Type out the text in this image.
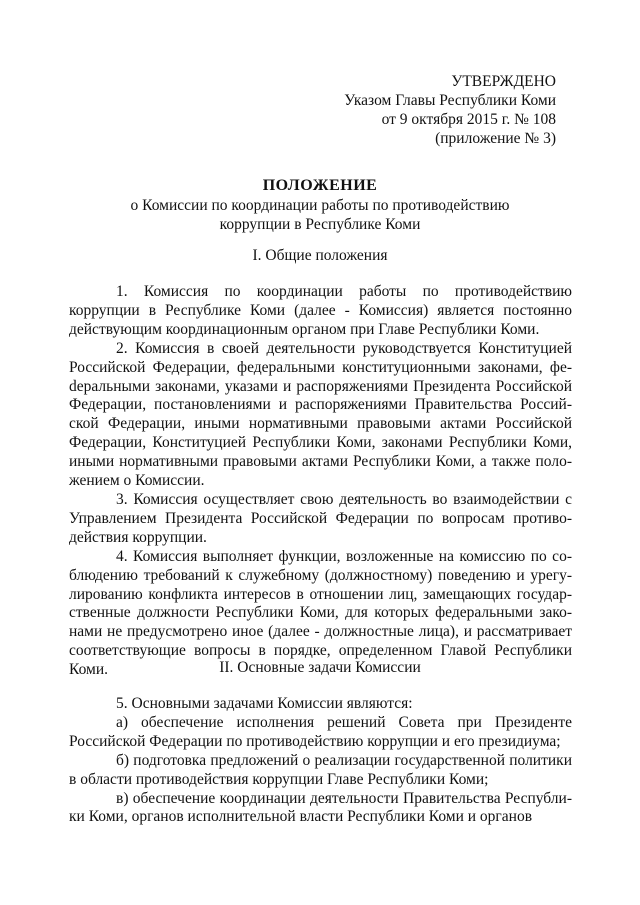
УТВЕРЖДЕНО
Указом Главы Республики Коми
от 9 октября 2015 г. № 108
(приложение № 3)
ПОЛОЖЕНИЕ
о Комиссии по координации работы по противодействию
коррупции в Республике Коми
I. Общие положения

1. Комиссия по координации работы по противодействию коррупции в Республике Коми (далее - Комиссия) является постоянно действующим координационным органом при Главе Республики Коми.

2. Комиссия в своей деятельности руководствуется Конституцией Российской Федерации, федеральными конституционными законами, феdеральными законами, указами и распоряжениями Президента Российской Федерации, постановлениями и распоряжениями Правительства Российской Федерации, иными нормативными правовыми актами Российской Федерации, Конституцией Республики Коми, законами Республики Коми, иными нормативными правовыми актами Республики Коми, а также положением о Комиссии.

3. Комиссия осуществляет свою деятельность во взаимодействии с Управлением Президента Российской Федерации по вопросам противодействия коррупции.

4. Комиссия выполняет функции, возложенные на комиссию по соблюдению требований к служебному (должностному) поведению и урегулированию конфликта интересов в отношении лиц, замещающих государственные должности Республики Коми, для которых федеральными законами не предусмотрено иное (далее - должностные лица), и рассматривает соответствующие вопросы в порядке, определенном Главой Республики Коми.	II. Основные задачи Комиссии

5. Основными задачами Комиссии являются:

а) обеспечение исполнения решений Совета при Президенте Российской Федерации по противодействию коррупции и его президиума;

б) подготовка предложений о реализации государственной политики в области противодействия коррупции Главе Республики Коми;

в) обеспечение координации деятельности Правительства Республики Коми, органов исполнительной власти Республики Коми и органов
